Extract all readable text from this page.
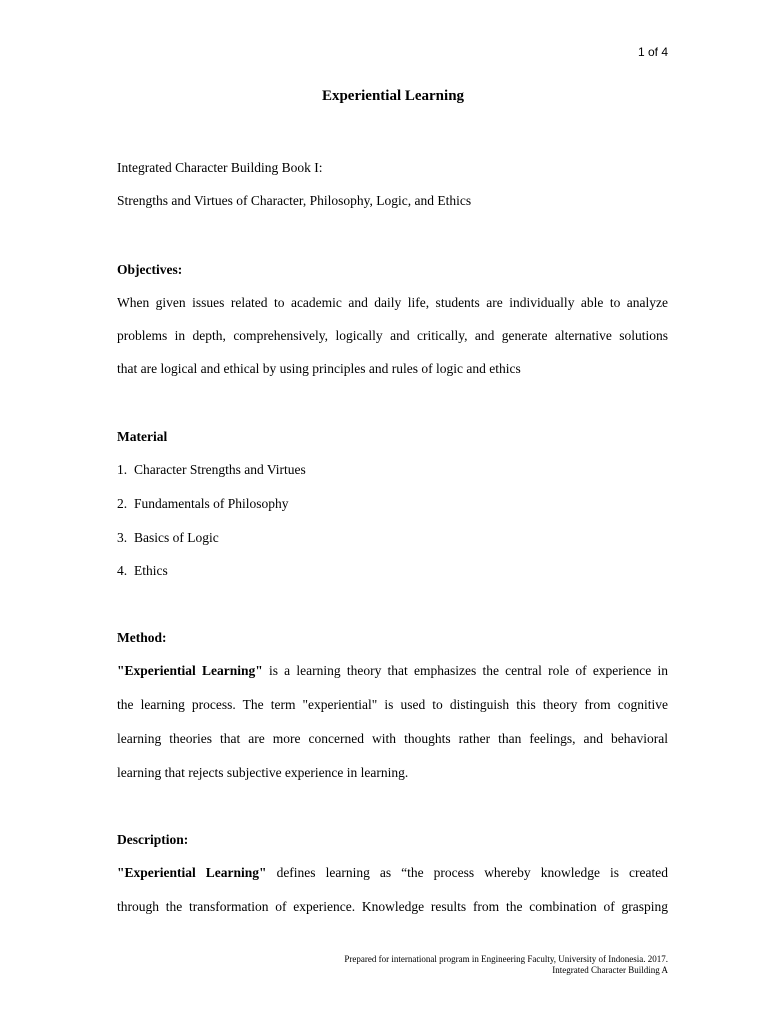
1 of 4
Experiential Learning
Integrated Character Building Book I:
Strengths and Virtues of Character, Philosophy, Logic, and Ethics
Objectives:
When given issues related to academic and daily life, students are individually able to analyze
problems in depth, comprehensively, logically and critically, and generate alternative solutions
that are logical and ethical by using principles and rules of logic and ethics
Material
1. Character Strengths and Virtues
2. Fundamentals of Philosophy
3. Basics of Logic
4. Ethics
Method:
"Experiential Learning" is a learning theory that emphasizes the central role of experience in
the learning process. The term "experiential" is used to distinguish this theory from cognitive
learning theories that are more concerned with thoughts rather than feelings, and behavioral
learning that rejects subjective experience in learning.
Description:
"Experiential Learning" defines learning as “the process whereby knowledge is created
through the transformation of experience. Knowledge results from the combination of grasping
Prepared for international program in Engineering Faculty, University of Indonesia. 2017.
Integrated Character Building A
